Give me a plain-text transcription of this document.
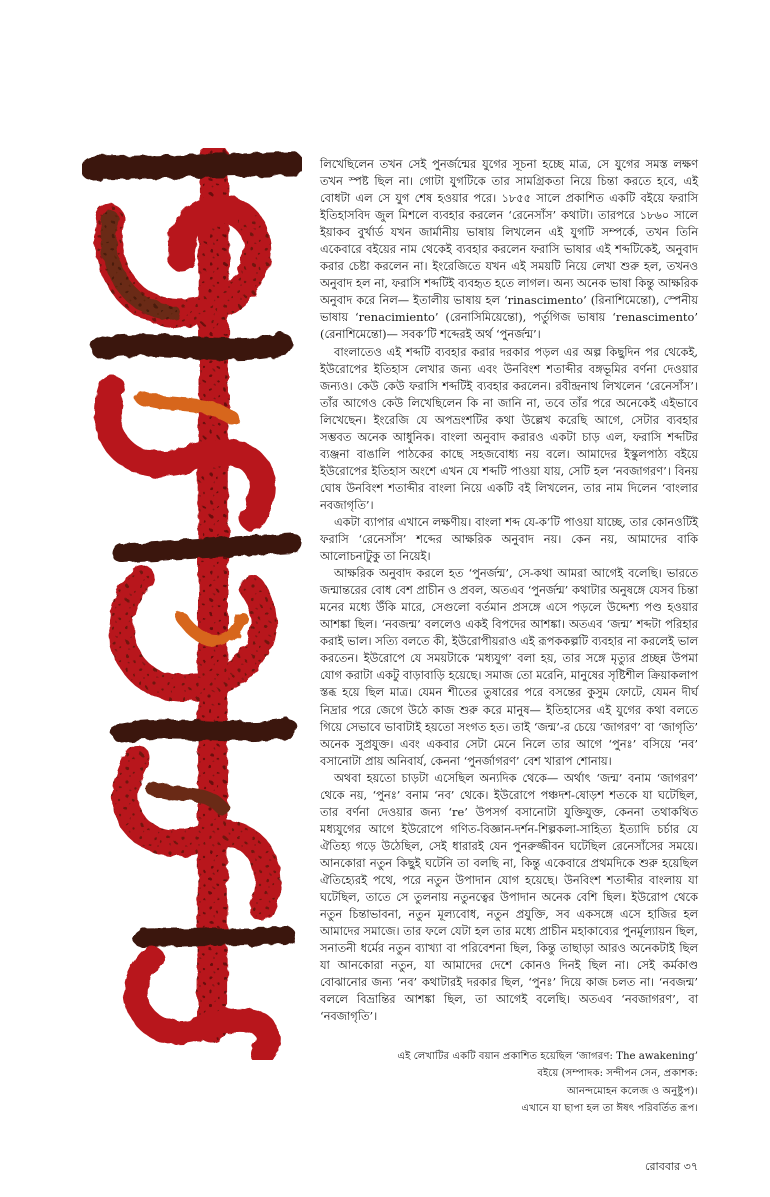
লিখেছিলেন তখন সেই পুনর্জন্মের যুগের সূচনা হচ্ছে মাত্র, সে যুগের সমস্ত লক্ষণ তখন স্পষ্ট ছিল না। গোটা যুগটিকে তার সামগ্রিকতা নিয়ে চিন্তা করতে হবে, এই বোধটা এল সে যুগ শেষ হওয়ার পরে। ১৮৫৫ সালে প্রকাশিত একটি বইয়ে ফরাসি ইতিহাসবিদ জুল মিশলে ব্যবহার করলেন ‘রেনেসাঁস’ কথাটা। তারপরে ১৮৬০ সালে ইয়াকব বুর্খার্ড যখন জার্মানীয় ভাষায় লিখলেন এই যুগটি সম্পর্কে, তখন তিনি একেবারে বইয়ের নাম থেকেই ব্যবহার করলেন ফরাসি ভাষার এই শব্দটিকেই, অনুবাদ করার চেষ্টা করলেন না। ইংরেজিতে যখন এই সময়টি নিয়ে লেখা শুরু হল, তখনও অনুবাদ হল না, ফরাসি শব্দটিই ব্যবহৃত হতে লাগল। অন্য অনেক ভাষা কিন্তু আক্ষরিক অনুবাদ করে নিল— ইতালীয় ভাষায় হল ‘rinascimento’ (রিনাশিমেন্তো), স্পেনীয় ভাষায় ‘renacimiento’ (রেনাসিমিয়েন্তো), পর্তুগিজ ভাষায় ‘renascimento’ (রেনাশিমেন্তো)— সবক’টি শব্দেরই অর্থ ‘পুনর্জন্ম’।

বাংলাতেও এই শব্দটি ব্যবহার করার দরকার পড়ল এর অল্প কিছুদিন পর থেকেই, ইউরোপের ইতিহাস লেখার জন্য এবং উনবিংশ শতাব্দীর বঙ্গভূমির বর্ণনা দেওয়ার জন্যও। কেউ কেউ ফরাসি শব্দটিই ব্যবহার করলেন। রবীন্দ্রনাথ লিখলেন ‘রেনেসাঁস’। তাঁর আগেও কেউ লিখেছিলেন কি না জানি না, তবে তাঁর পরে অনেকেই এইভাবে লিখেছেন। ইংরেজি যে অপভ্রংশটির কথা উল্লেখ করেছি আগে, সেটার ব্যবহার সম্ভবত অনেক আধুনিক। বাংলা অনুবাদ করারও একটা চাড় এল, ফরাসি শব্দটির ব্যঞ্জনা বাঙালি পাঠকের কাছে সহজবোধ্য নয় বলে। আমাদের ইস্কুলপাঠ্য বইয়ে ইউরোপের ইতিহাস অংশে এখন যে শব্দটি পাওয়া যায়, সেটি হল ‘নবজাগরণ’। বিনয় ঘোষ উনবিংশ শতাব্দীর বাংলা নিয়ে একটি বই লিখলেন, তার নাম দিলেন ‘বাংলার নবজাগৃতি’।

একটা ব্যাপার এখানে লক্ষণীয়। বাংলা শব্দ যে-ক’টি পাওয়া যাচ্ছে, তার কোনওটিই ফরাসি ‘রেনেসাঁস’ শব্দের আক্ষরিক অনুবাদ নয়। কেন নয়, আমাদের বাকি আলোচনাটুকু তা নিয়েই।

আক্ষরিক অনুবাদ করলে হত ‘পুনর্জন্ম’, সে-কথা আমরা আগেই বলেছি। ভারতে জন্মান্তরের বোধ বেশ প্রাচীন ও প্রবল, অতএব ‘পুনর্জন্ম’ কথাটার অনুষঙ্গে যেসব চিন্তা মনের মধ্যে উঁকি মারে, সেগুলো বর্তমান প্রসঙ্গে এসে পড়লে উদ্দেশ্য পণ্ড হওয়ার আশঙ্কা ছিল। ‘নবজন্ম’ বললেও একই বিপদের আশঙ্কা। অতএব ‘জন্ম’ শব্দটা পরিহার করাই ভাল। সত্যি বলতে কী, ইউরোপীয়রাও এই রূপককল্পটি ব্যবহার না করলেই ভাল করতেন। ইউরোপে যে সময়টাকে ‘মধ্যযুগ’ বলা হয়, তার সঙ্গে মৃত্যুর প্রচ্ছন্ন উপমা যোগ করাটা একটু বাড়াবাড়ি হয়েছে। সমাজ তো মরেনি, মানুষের সৃষ্টিশীল ক্রিয়াকলাপ স্তব্ধ হয়ে ছিল মাত্র। যেমন শীতের তুষারের পরে বসন্তের কুসুম ফোটে, যেমন দীর্ঘ নিদ্রার পরে জেগে উঠে কাজ শুরু করে মানুষ— ইতিহাসের এই যুগের কথা বলতে গিয়ে সেভাবে ভাবাটাই হয়তো সংগত হত। তাই ‘জন্ম’-র চেয়ে ‘জাগরণ’ বা ‘জাগৃতি’ অনেক সুপ্রযুক্ত। এবং একবার সেটা মেনে নিলে তার আগে ‘পুনঃ’ বসিয়ে ‘নব’ বসানোটা প্রায় অনিবার্য, কেননা ‘পুনর্জাগরণ’ বেশ খারাপ শোনায়।

অথবা হয়তো চাড়টা এসেছিল অন্যদিক থেকে— অর্থাৎ ‘জন্ম’ বনাম ‘জাগরণ’ থেকে নয়, ‘পুনঃ’ বনাম ‘নব’ থেকে। ইউরোপে পঞ্চদশ-ষোড়শ শতকে যা ঘটেছিল, তার বর্ণনা দেওয়ার জন্য ‘re’ উপসর্গ বসানোটা যুক্তিযুক্ত, কেননা তথাকথিত মধ্যযুগের আগে ইউরোপে গণিত-বিজ্ঞান-দর্শন-শিল্পকলা-সাহিত্য ইত্যাদি চর্চার যে ঐতিহ্য গড়ে উঠেছিল, সেই ধারারই যেন পুনরুজ্জীবন ঘটেছিল রেনেসাঁসের সময়ে। আনকোরা নতুন কিছুই ঘটেনি তা বলছি না, কিন্তু একেবারে প্রথমদিকে শুরু হয়েছিল ঐতিহ্যেরই পথে, পরে নতুন উপাদান যোগ হয়েছে। উনবিংশ শতাব্দীর বাংলায় যা ঘটেছিল, তাতে সে তুলনায় নতুনত্বের উপাদান অনেক বেশি ছিল। ইউরোপ থেকে নতুন চিন্তাভাবনা, নতুন মূল্যবোধ, নতুন প্রযুক্তি, সব একসঙ্গে এসে হাজির হল আমাদের সমাজে। তার ফলে যেটা হল তার মধ্যে প্রাচীন মহাকাব্যের পুনর্মূল্যায়ন ছিল, সনাতনী ধর্মের নতুন ব্যাখ্যা বা পরিবেশনা ছিল, কিন্তু তাছাড়া আরও অনেকটাই ছিল যা আনকোরা নতুন, যা আমাদের দেশে কোনও দিনই ছিল না। সেই কর্মকাণ্ড বোঝানোর জন্য ‘নব’ কথাটারই দরকার ছিল, ‘পুনঃ’ দিয়ে কাজ চলত না। ‘নবজন্ম’ বললে বিভ্রান্তির আশঙ্কা ছিল, তা আগেই বলেছি। অতএব ‘নবজাগরণ’, বা ‘নবজাগৃতি’।

এই লেখাটির একটি বয়ান প্রকাশিত হয়েছিল ‘জাগরণ: The awakening’
বইয়ে (সম্পাদক: সন্দীপন সেন, প্রকাশক:
আনন্দমোহন কলেজ ও অনুষ্টুপ)।
এখানে যা ছাপা হল তা ঈষৎ পরিবর্তিত রূপ।
রোববার ৩৭
